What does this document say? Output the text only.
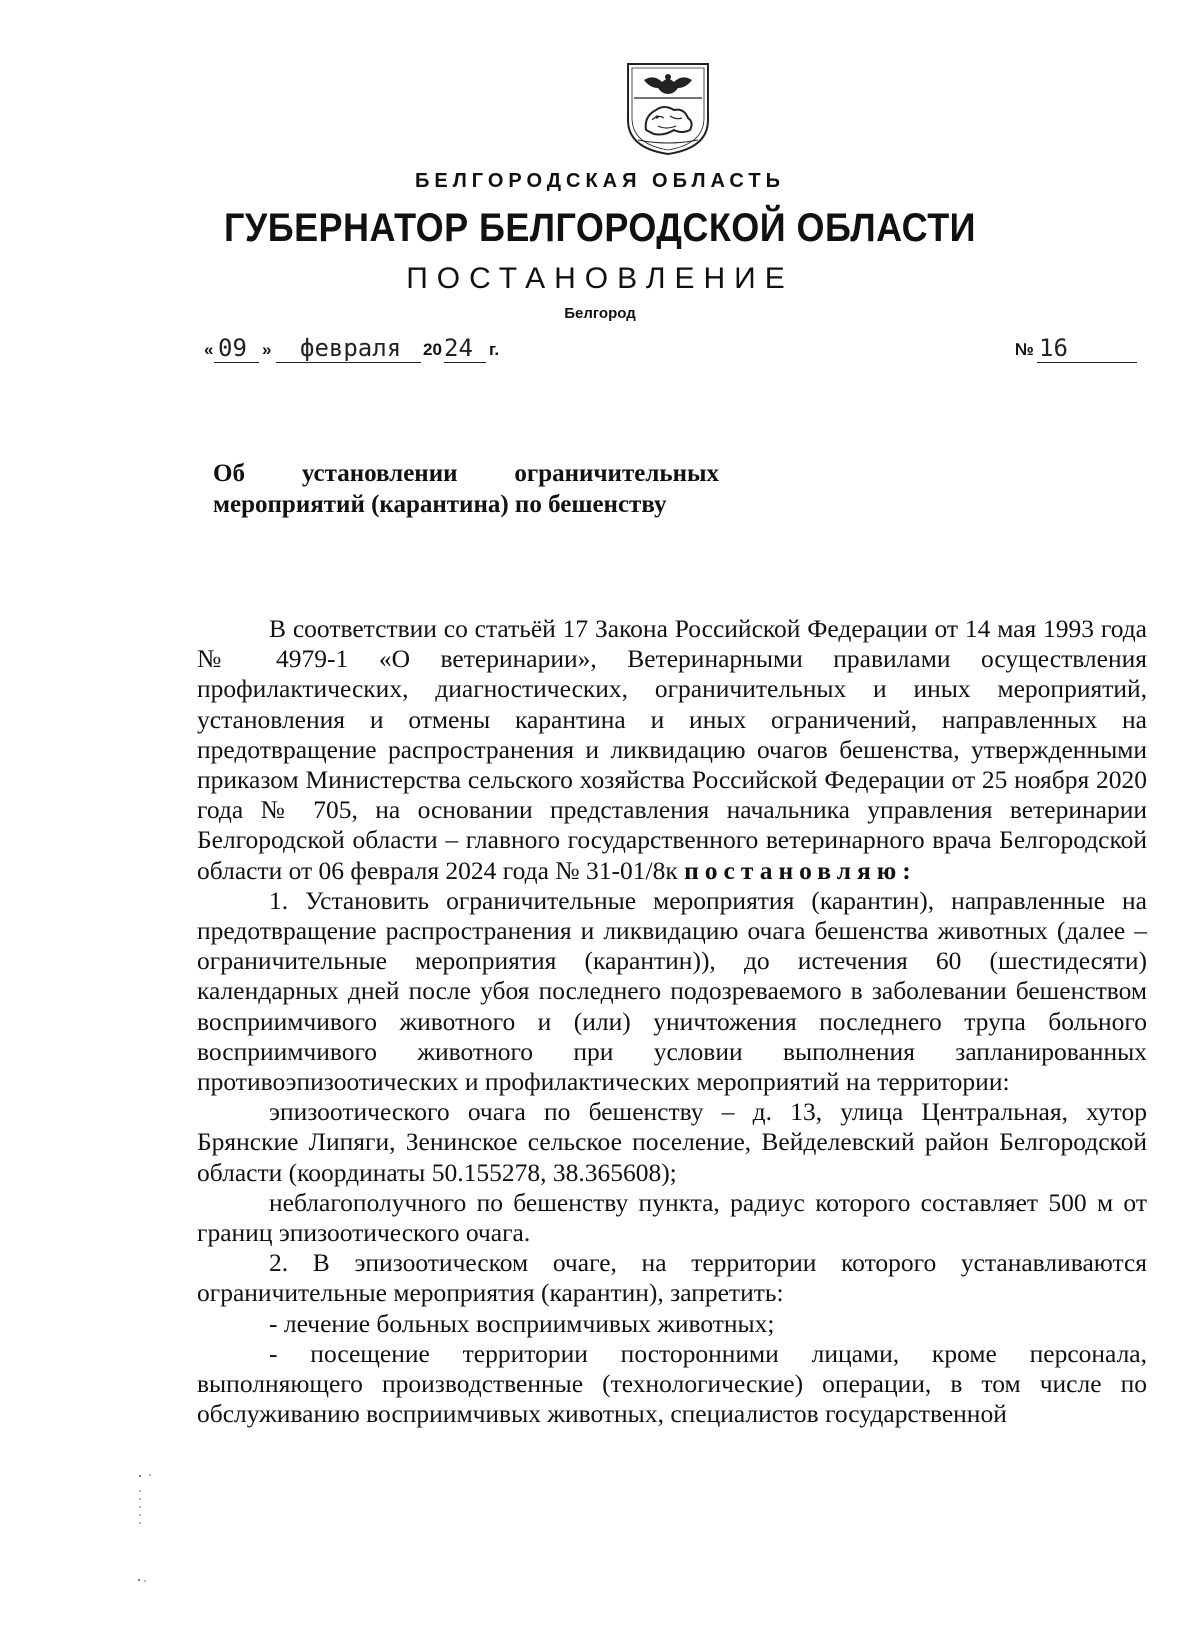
БЕЛГОРОДСКАЯ ОБЛАСТЬ
ГУБЕРНАТОР БЕЛГОРОДСКОЙ ОБЛАСТИ
ПОСТАНОВЛЕНИЕ
Белгород
« 09 » февраля 20 24 г.	№ 16
Об установлении ограничительных
мероприятий (карантина) по бешенству

В соответствии со статьёй 17 Закона Российской Федерации от 14 мая 1993 года № 4979-1 «О ветеринарии», Ветеринарными правилами осуществления профилактических, диагностических, ограничительных и иных мероприятий, установления и отмены карантина и иных ограничений, направленных на предотвращение распространения и ликвидацию очагов бешенства, утвержденными приказом Министерства сельского хозяйства Российской Федерации от 25 ноября 2020 года № 705, на основании представления начальника управления ветеринарии Белгородской области – главного государственного ветеринарного врача Белгородской области от 06 февраля 2024 года № 31-01/8к постановляю:

1. Установить ограничительные мероприятия (карантин), направленные на предотвращение распространения и ликвидацию очага бешенства животных (далее – ограничительные мероприятия (карантин)), до истечения 60 (шестидесяти) календарных дней после убоя последнего подозреваемого в заболевании бешенством восприимчивого животного и (или) уничтожения последнего трупа больного восприимчивого животного при условии выполнения запланированных противоэпизоотических и профилактических мероприятий на территории:

эпизоотического очага по бешенству – д. 13, улица Центральная, хутор Брянские Липяги, Зенинское сельское поселение, Вейделевский район Белгородской области (координаты 50.155278, 38.365608);

неблагополучного по бешенству пункта, радиус которого составляет 500 м от границ эпизоотического очага.

2. В эпизоотическом очаге, на территории которого устанавливаются ограничительные мероприятия (карантин), запретить:

- лечение больных восприимчивых животных;

- посещение территории посторонними лицами, кроме персонала, выполняющего производственные (технологические) операции, в том числе по обслуживанию восприимчивых животных, специалистов государственной
